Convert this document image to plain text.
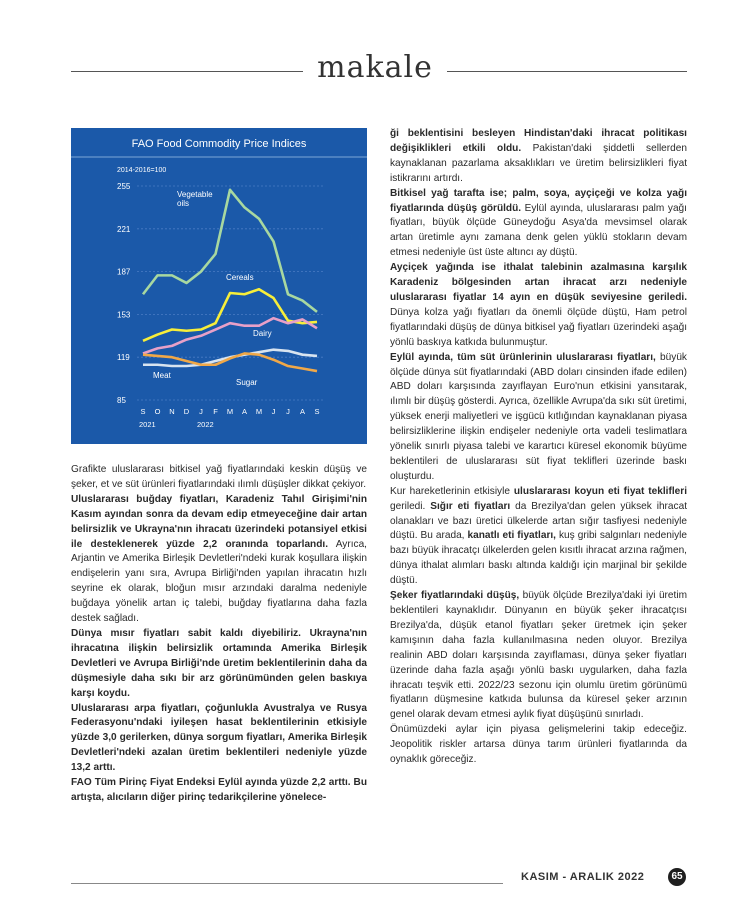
makale
FAO Food Commodity Price Indices
2014-2016=100
255
221
187
153
119
85
S O N D J F M A M J J A S
2021	2022
Vegetable
oils
Cereals
Dairy
Meat
Sugar

Grafikte uluslararası bitkisel yağ fiyatlarındaki keskin düşüş ve şeker, et ve süt ürünleri fiyatlarındaki ılımlı düşüşler dikkat çekiyor.

Uluslararası buğday fiyatları, Karadeniz Tahıl Girişimi'nin Kasım ayından sonra da devam edip etmeyeceğine dair artan belirsizlik ve Ukrayna'nın ihracatı üzerindeki potansiyel etkisi ile desteklenerek yüzde 2,2 oranında toparlandı. Ayrıca, Arjantin ve Amerika Birleşik Devletleri'ndeki kurak koşullara ilişkin endişelerin yanı sıra, Avrupa Birliği'nden yapılan ihracatın hızlı seyrine ek olarak, bloğun mısır arzındaki daralma nedeniyle buğdaya yönelik artan iç talebi, buğday fiyatlarına daha fazla destek sağladı.

Dünya mısır fiyatları sabit kaldı diyebiliriz. Ukrayna'nın ihracatına ilişkin belirsizlik ortamında Amerika Birleşik Devletleri ve Avrupa Birliği'nde üretim beklentilerinin daha da düşmesiyle daha sıkı bir arz görünümünden gelen baskıya karşı koydu.

Uluslararası arpa fiyatları, çoğunlukla Avustralya ve Rusya Federasyonu'ndaki iyileşen hasat beklentilerinin etkisiyle yüzde 3,0 gerilerken, dünya sorgum fiyatları, Amerika Birleşik Devletleri'ndeki azalan üretim beklentileri nedeniyle yüzde 13,2 arttı.

FAO Tüm Pirinç Fiyat Endeksi Eylül ayında yüzde 2,2 arttı. Bu artışta, alıcıların diğer pirinç tedarikçilerine yönelece-

ği beklentisini besleyen Hindistan'daki ihracat politikası değişiklikleri etkili oldu. Pakistan'daki şiddetli sellerden kaynaklanan pazarlama aksaklıkları ve üretim belirsizlikleri fiyat istikrarını artırdı.

Bitkisel yağ tarafta ise; palm, soya, ayçiçeği ve kolza yağı fiyatlarında düşüş görüldü. Eylül ayında, uluslararası palm yağı fiyatları, büyük ölçüde Güneydoğu Asya'da mevsimsel olarak artan üretimle aynı zamana denk gelen yüklü stokların devam etmesi nedeniyle üst üste altıncı ay düştü.

Ayçiçek yağında ise ithalat talebinin azalmasına karşılık Karadeniz bölgesinden artan ihracat arzı nedeniyle uluslararası fiyatlar 14 ayın en düşük seviyesine geriledi. Dünya kolza yağı fiyatları da önemli ölçüde düştü, Ham petrol fiyatlarındaki düşüş de dünya bitkisel yağ fiyatları üzerindeki aşağı yönlü baskıya katkıda bulunmuştur.

Eylül ayında, tüm süt ürünlerinin uluslararası fiyatları, büyük ölçüde dünya süt fiyatlarındaki (ABD doları cinsinden ifade edilen) ABD doları karşısında zayıflayan Euro'nun etkisini yansıtarak, ılımlı bir düşüş gösterdi. Ayrıca, özellikle Avrupa'da sıkı süt üretimi, yüksek enerji maliyetleri ve işgücü kıtlığından kaynaklanan piyasa belirsizliklerine ilişkin endişeler nedeniyle orta vadeli teslimatlara yönelik sınırlı piyasa talebi ve karartıcı küresel ekonomik büyüme beklentileri de uluslararası süt fiyat teklifleri üzerinde baskı oluşturdu.

Kur hareketlerinin etkisiyle uluslararası koyun eti fiyat teklifleri geriledi. Sığır eti fiyatları da Brezilya'dan gelen yüksek ihracat olanakları ve bazı üretici ülkelerde artan sığır tasfiyesi nedeniyle düştü. Bu arada, kanatlı eti fiyatları, kuş gribi salgınları nedeniyle bazı büyük ihracatçı ülkelerden gelen kısıtlı ihracat arzına rağmen, dünya ithalat alımları baskı altında kaldığı için marjinal bir şekilde düştü.

Şeker fiyatlarındaki düşüş, büyük ölçüde Brezilya'daki iyi üretim beklentileri kaynaklıdır. Dünyanın en büyük şeker ihracatçısı Brezilya'da, düşük etanol fiyatları şeker üretmek için şeker kamışının daha fazla kullanılmasına neden oluyor. Brezilya realinin ABD doları karşısında zayıflaması, dünya şeker fiyatları üzerinde daha fazla aşağı yönlü baskı uygularken, daha fazla ihracatı teşvik etti. 2022/23 sezonu için olumlu üretim görünümü fiyatların düşmesine katkıda bulunsa da küresel şeker arzının genel olarak devam etmesi aylık fiyat düşüşünü sınırladı.

Önümüzdeki aylar için piyasa gelişmelerini takip edeceğiz. Jeopolitik riskler artarsa dünya tarım ürünleri fiyatlarında da oynaklık göreceğiz.

KASIM - ARALIK 2022	65
